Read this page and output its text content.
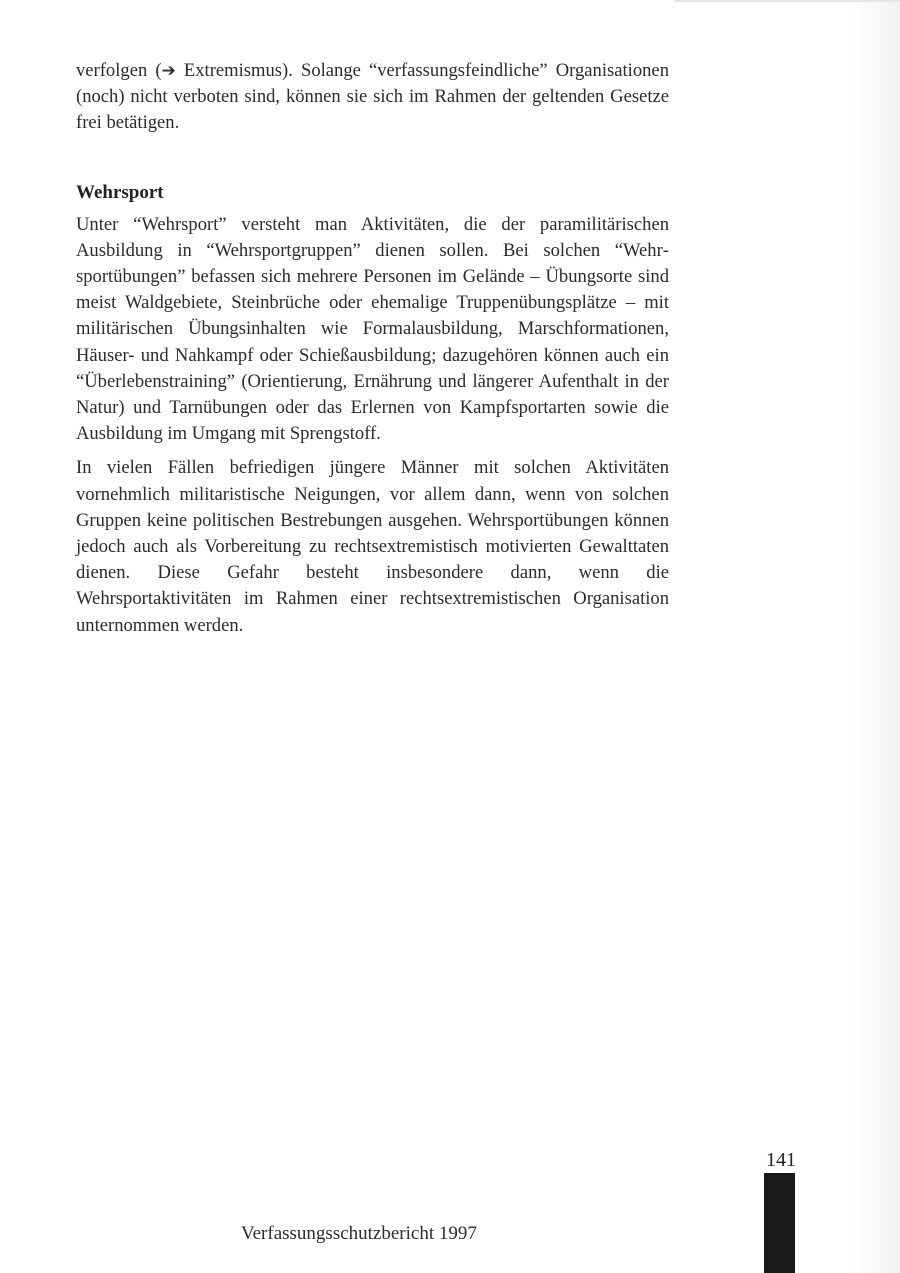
verfolgen (➔ Extremismus). Solange “verfassungsfeindliche” Organisationen (noch) nicht verboten sind, können sie sich im Rahmen der geltenden Gesetze frei betätigen.

Wehrsport

Unter “Wehrsport” versteht man Aktivitäten, die der paramilitärischen Ausbildung in “Wehrsportgruppen” dienen sollen. Bei solchen “Wehrsportübungen” befassen sich mehrere Personen im Gelände – Übungsorte sind meist Waldgebiete, Steinbrüche oder ehemalige Truppenübungsplätze – mit militärischen Übungsinhalten wie Formalausbildung, Marschformationen, Häuser- und Nahkampf oder Schießausbildung; dazugehören können auch ein “Überlebenstraining” (Orientierung, Ernährung und längerer Aufenthalt in der Natur) und Tarnübungen oder das Erlernen von Kampfsportarten sowie die Ausbildung im Umgang mit Sprengstoff.

In vielen Fällen befriedigen jüngere Männer mit solchen Aktivitäten vornehmlich militaristische Neigungen, vor allem dann, wenn von solchen Gruppen keine politischen Bestrebungen ausgehen. Wehrsportübungen können jedoch auch als Vorbereitung zu rechtsextremistisch motivierten Gewalttaten dienen. Diese Gefahr besteht insbesondere dann, wenn die Wehrsportaktivitäten im Rahmen einer rechtsextremistischen Organisation unternommen werden.

141
Verfassungsschutzbericht 1997
